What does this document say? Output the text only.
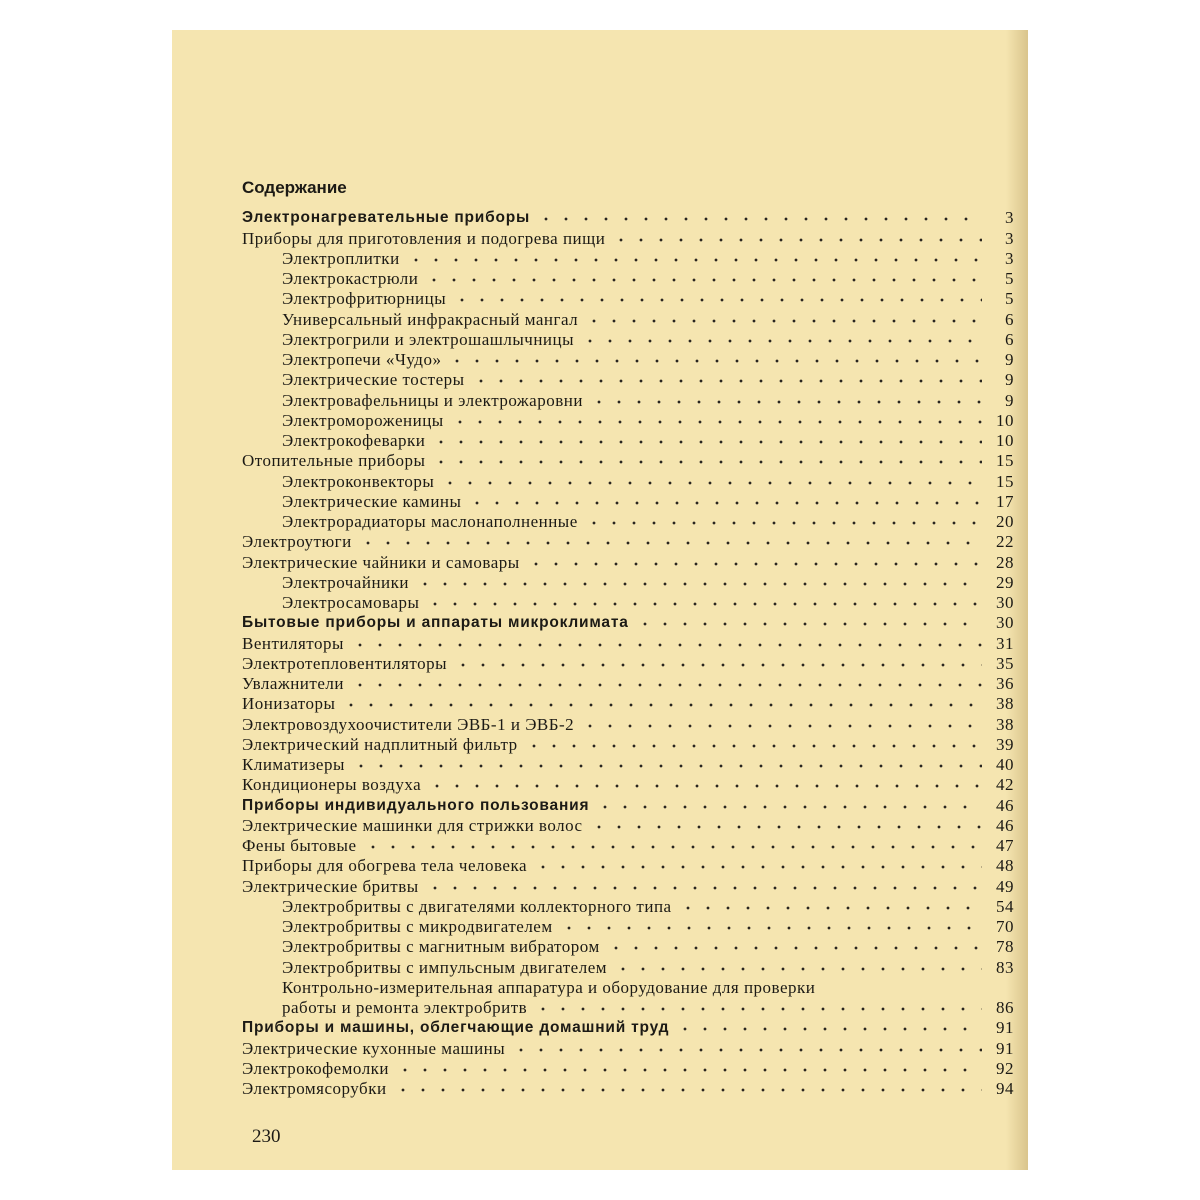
Содержание
Электронагревательные приборы	3
Приборы для приготовления и подогрева пищи	3
Электроплитки	3
Электрокастрюли	5
Электрофритюрницы	5
Универсальный инфракрасный мангал	6
Электрогрили и электрошашлычницы	6
Электропечи «Чудо»	9
Электрические тостеры	9
Электровафельницы и электрожаровни	9
Электроморожeницы	10
Электрокофеварки	10
Отопительные приборы	15
Электроконвекторы	15
Электрические камины	17
Электрорадиаторы маслонаполненные	20
Электроутюги	22
Электрические чайники и самовары	28
Электрочайники	29
Электросамовары	30
Бытовые приборы и аппараты микроклимата	30
Вентиляторы	31
Электротепловентиляторы	35
Увлажнители	36
Ионизаторы	38
Электровоздухоочистители ЭВБ-1 и ЭВБ-2	38
Электрический надплитный фильтр	39
Климатизеры	40
Кондиционеры воздуха	42
Приборы индивидуального пользования	46
Электрические машинки для стрижки волос	46
Фены бытовые	47
Приборы для обогрева тела человека	48
Электрические бритвы	49
Электробритвы с двигателями коллекторного типа	54
Электробритвы с микродвигателем	70
Электробритвы с магнитным вибратором	78
Электробритвы с импульсным двигателем	83
Контрольно-измерительная аппаратура и оборудование для проверки
работы и ремонта электробритв	86
Приборы и машины, облегчающие домашний труд	91
Электрические кухонные машины	91
Электрокофемолки	92
Электромясорубки	94
230
